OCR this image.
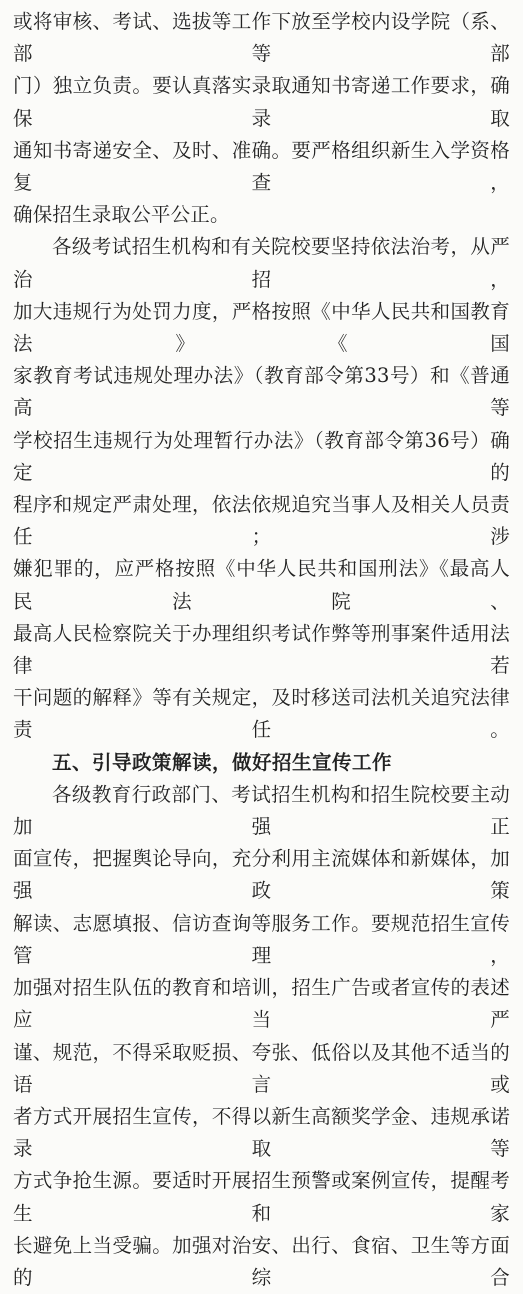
或将审核、考试、选拔等工作下放至学校内设学院（系、部等部
门）独立负责。要认真落实录取通知书寄递工作要求，确保录取
通知书寄递安全、及时、准确。要严格组织新生入学资格复查，
确保招生录取公平公正。
各级考试招生机构和有关院校要坚持依法治考，从严治招，
加大违规行为处罚力度，严格按照《中华人民共和国教育法》《国
家教育考试违规处理办法》（教育部令第33号）和《普通高等
学校招生违规行为处理暂行办法》（教育部令第36号）确定的
程序和规定严肃处理，依法依规追究当事人及相关人员责任；涉
嫌犯罪的，应严格按照《中华人民共和国刑法》《最高人民法院、
最高人民检察院关于办理组织考试作弊等刑事案件适用法律若
干问题的解释》等有关规定，及时移送司法机关追究法律责任。
五、引导政策解读，做好招生宣传工作
各级教育行政部门、考试招生机构和招生院校要主动加强正
面宣传，把握舆论导向，充分利用主流媒体和新媒体，加强政策
解读、志愿填报、信访查询等服务工作。要规范招生宣传管理，
加强对招生队伍的教育和培训，招生广告或者宣传的表述应当严
谨、规范，不得采取贬损、夸张、低俗以及其他不适当的语言或
者方式开展招生宣传，不得以新生高额奖学金、违规承诺录取等
方式争抢生源。要适时开展招生预警或案例宣传，提醒考生和家
长避免上当受骗。加强对治安、出行、食宿、卫生等方面的综合
